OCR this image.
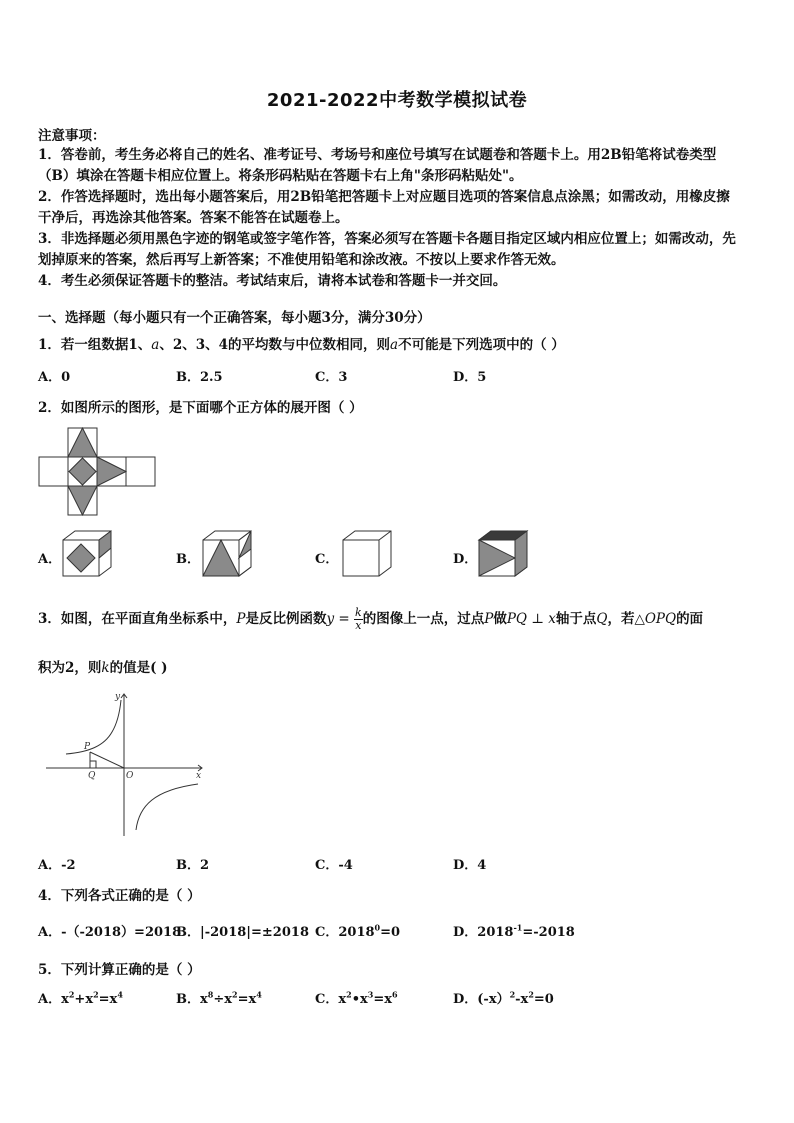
2021-2022中考数学模拟试卷
注意事项：
1．答卷前，考生务必将自己的姓名、准考证号、考场号和座位号填写在试题卷和答题卡上。用2B铅笔将试卷类型
（B）填涂在答题卡相应位置上。将条形码粘贴在答题卡右上角"条形码粘贴处"。
2．作答选择题时，选出每小题答案后，用2B铅笔把答题卡上对应题目选项的答案信息点涂黑；如需改动，用橡皮擦
干净后，再选涂其他答案。答案不能答在试题卷上。
3．非选择题必须用黑色字迹的钢笔或签字笔作答，答案必须写在答题卡各题目指定区域内相应位置上；如需改动，先
划掉原来的答案，然后再写上新答案；不准使用铅笔和涂改液。不按以上要求作答无效。
4．考生必须保证答题卡的整洁。考试结束后，请将本试卷和答题卡一并交回。
一、选择题（每小题只有一个正确答案，每小题3分，满分30分）
1．若一组数据1、a、2、3、4的平均数与中位数相同，则a不可能是下列选项中的（ ）
A．0	B．2.5	C．3	D．5
2．如图所示的图形，是下面哪个正方体的展开图（ ）
A．	B．	C．	D．
3．如图，在平面直角坐标系中，P是反比例函数$y = \frac{k}{x}$ 的图像上一点，过点P做PQ ⊥ x轴于点Q，若△OPQ的面
积为2，则k的值是( )
y
x
P
Q	O
A．-2	B．2	C．-4	D．4
4．下列各式正确的是（ ）
A．-（-2018）=2018
B．|-2018|=±2018 C．$2018^0=0$	D．$2018^{-1}=-2018$
5．下列计算正确的是（ ）
A．$x^2+x^2=x^4$	B．$x^8\div x^2=x^4$	C．$x^2•x^3=x^6$	D．$(-x)^2-x^2=0$
